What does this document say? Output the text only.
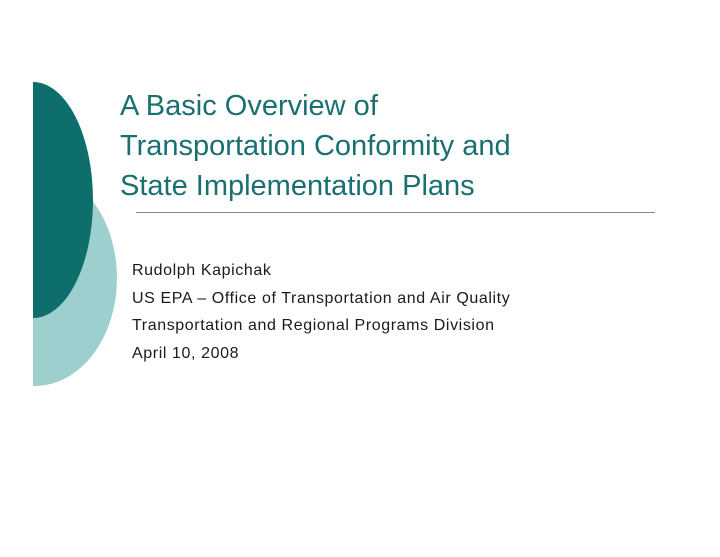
A Basic Overview of
Transportation Conformity and
State Implementation Plans
Rudolph Kapichak
US EPA – Office of Transportation and Air Quality
Transportation and Regional Programs Division
April 10, 2008
